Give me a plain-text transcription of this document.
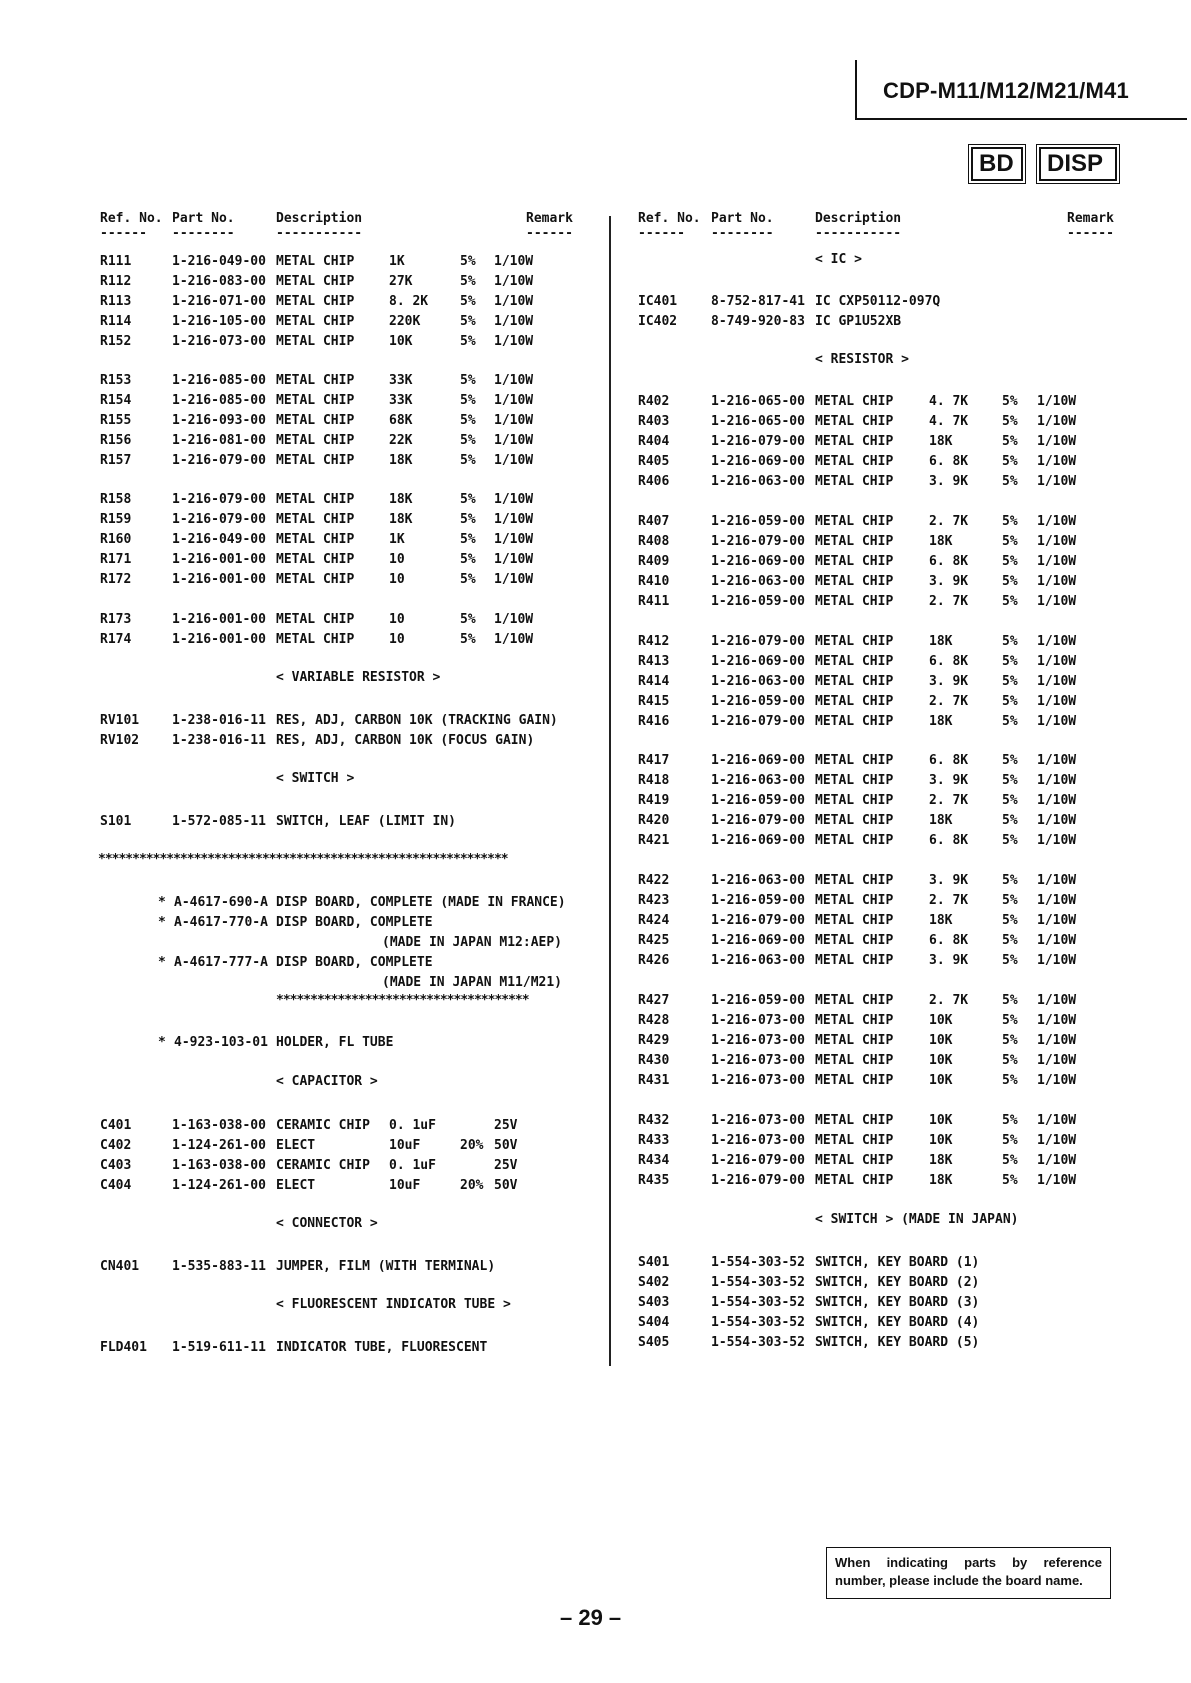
CDP-M11/M12/M21/M41
BD	DISP
Ref. No. Part No.	Description	Remark
------ --------	-----------	------
Ref. No. Part No.	Description	Remark
------ --------	-----------	------
R111	1-216-049-00 METAL CHIP	1K	5% 1/10W
R112	1-216-083-00 METAL CHIP	27K	5% 1/10W
R113	1-216-071-00 METAL CHIP	8. 2K 5% 1/10W
R114	1-216-105-00 METAL CHIP	220K	5% 1/10W
R152	1-216-073-00 METAL CHIP	10K	5% 1/10W
R153	1-216-085-00 METAL CHIP	33K	5% 1/10W
R154	1-216-085-00 METAL CHIP	33K	5% 1/10W
R155	1-216-093-00 METAL CHIP	68K	5% 1/10W
R156	1-216-081-00 METAL CHIP	22K	5% 1/10W
R157	1-216-079-00 METAL CHIP	18K	5% 1/10W
R158	1-216-079-00 METAL CHIP	18K	5% 1/10W
R159	1-216-079-00 METAL CHIP	18K	5% 1/10W
R160	1-216-049-00 METAL CHIP	1K	5% 1/10W
R171	1-216-001-00 METAL CHIP	10	5% 1/10W
R172	1-216-001-00 METAL CHIP	10	5% 1/10W
R173	1-216-001-00 METAL CHIP	10	5% 1/10W
R174	1-216-001-00 METAL CHIP	10	5% 1/10W
< VARIABLE RESISTOR >
RV101	1-238-016-11 RES, ADJ, CARBON 10K (TRACKING GAIN)
RV102	1-238-016-11 RES, ADJ, CARBON 10K (FOCUS GAIN)
< SWITCH >
S101	1-572-085-11 SWITCH, LEAF (LIMIT IN)
************************************************************
* A-4617-690-A DISP BOARD, COMPLETE (MADE IN FRANCE)
* A-4617-770-A DISP BOARD, COMPLETE
(MADE IN JAPAN M12:AEP)
* A-4617-777-A DISP BOARD, COMPLETE
(MADE IN JAPAN M11/M21)
*************************************
* 4-923-103-01 HOLDER, FL TUBE
< CAPACITOR >
C401	1-163-038-00 CERAMIC CHIP 0. 1uF	25V
C402	1-124-261-00 ELECT	10uF	20% 50V
C403	1-163-038-00 CERAMIC CHIP 0. 1uF	25V
C404	1-124-261-00 ELECT	10uF	20% 50V
< CONNECTOR >
CN401	1-535-883-11 JUMPER, FILM (WITH TERMINAL)
< FLUORESCENT INDICATOR TUBE >
FLD401 1-519-611-11 INDICATOR TUBE, FLUORESCENT
< IC >
IC401	8-752-817-41 IC CXP50112-097Q
IC402	8-749-920-83 IC GP1U52XB
< RESISTOR >
R402	1-216-065-00 METAL CHIP	4. 7K	5% 1/10W
R403	1-216-065-00 METAL CHIP	4. 7K	5% 1/10W
R404	1-216-079-00 METAL CHIP	18K	5% 1/10W
R405	1-216-069-00 METAL CHIP	6. 8K	5% 1/10W
R406	1-216-063-00 METAL CHIP	3. 9K	5% 1/10W
R407	1-216-059-00 METAL CHIP	2. 7K	5% 1/10W
R408	1-216-079-00 METAL CHIP	18K	5% 1/10W
R409	1-216-069-00 METAL CHIP	6. 8K	5% 1/10W
R410	1-216-063-00 METAL CHIP	3. 9K	5% 1/10W
R411	1-216-059-00 METAL CHIP	2. 7K	5% 1/10W
R412	1-216-079-00 METAL CHIP	18K	5% 1/10W
R413	1-216-069-00 METAL CHIP	6. 8K	5% 1/10W
R414	1-216-063-00 METAL CHIP	3. 9K	5% 1/10W
R415	1-216-059-00 METAL CHIP	2. 7K	5% 1/10W
R416	1-216-079-00 METAL CHIP	18K	5% 1/10W
R417	1-216-069-00 METAL CHIP	6. 8K	5% 1/10W
R418	1-216-063-00 METAL CHIP	3. 9K	5% 1/10W
R419	1-216-059-00 METAL CHIP	2. 7K	5% 1/10W
R420	1-216-079-00 METAL CHIP	18K	5% 1/10W
R421	1-216-069-00 METAL CHIP	6. 8K	5% 1/10W
R422	1-216-063-00 METAL CHIP	3. 9K	5% 1/10W
R423	1-216-059-00 METAL CHIP	2. 7K	5% 1/10W
R424	1-216-079-00 METAL CHIP	18K	5% 1/10W
R425	1-216-069-00 METAL CHIP	6. 8K	5% 1/10W
R426	1-216-063-00 METAL CHIP	3. 9K	5% 1/10W
R427	1-216-059-00 METAL CHIP	2. 7K	5% 1/10W
R428	1-216-073-00 METAL CHIP	10K	5% 1/10W
R429	1-216-073-00 METAL CHIP	10K	5% 1/10W
R430	1-216-073-00 METAL CHIP	10K	5% 1/10W
R431	1-216-073-00 METAL CHIP	10K	5% 1/10W
R432	1-216-073-00 METAL CHIP	10K	5% 1/10W
R433	1-216-073-00 METAL CHIP	10K	5% 1/10W
R434	1-216-079-00 METAL CHIP	18K	5% 1/10W
R435	1-216-079-00 METAL CHIP	18K	5% 1/10W
< SWITCH > (MADE IN JAPAN)
S401	1-554-303-52 SWITCH, KEY BOARD (1)
S402	1-554-303-52 SWITCH, KEY BOARD (2)
S403	1-554-303-52 SWITCH, KEY BOARD (3)
S404	1-554-303-52 SWITCH, KEY BOARD (4)
S405	1-554-303-52 SWITCH, KEY BOARD (5)
When indicating parts by reference number, please include the board name.
– 29 –
